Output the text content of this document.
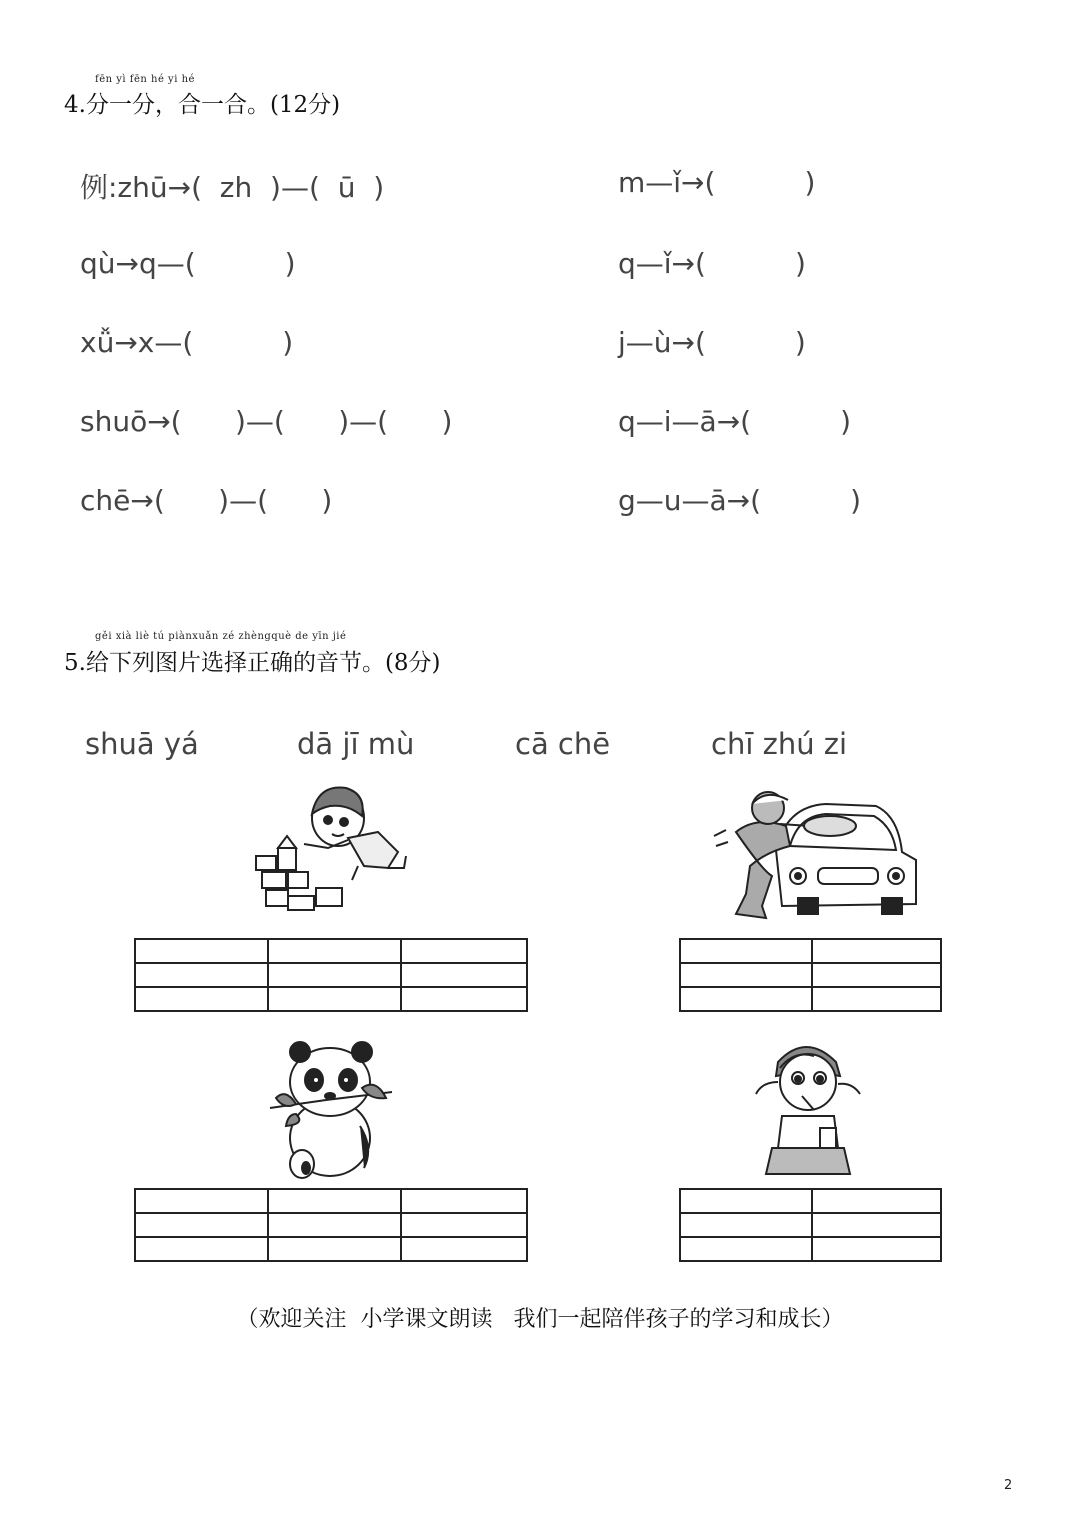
fēn yì fēn hé yi hé
4.分一分，合一合。(12分)
例:zhū→(  zh  )—(  ū  )	m—ǐ→(          )
qù→q—(          )	q—ǐ→(          )
xǚ→x—(          )	j—ù→(          )
shuō→(      )—(      )—(      )	q—i—ā→(          )
chē→(      )—(      )	g—u—ā→(          )
gěi xià liè tú piànxuǎn zé zhèngquè de yīn jié
5.给下列图片选择正确的音节。(8分)
shuā yá	dā jī mù	cā chē	chī zhú zi

（欢迎关注  小学课文朗读   我们一起陪伴孩子的学习和成长）
2
